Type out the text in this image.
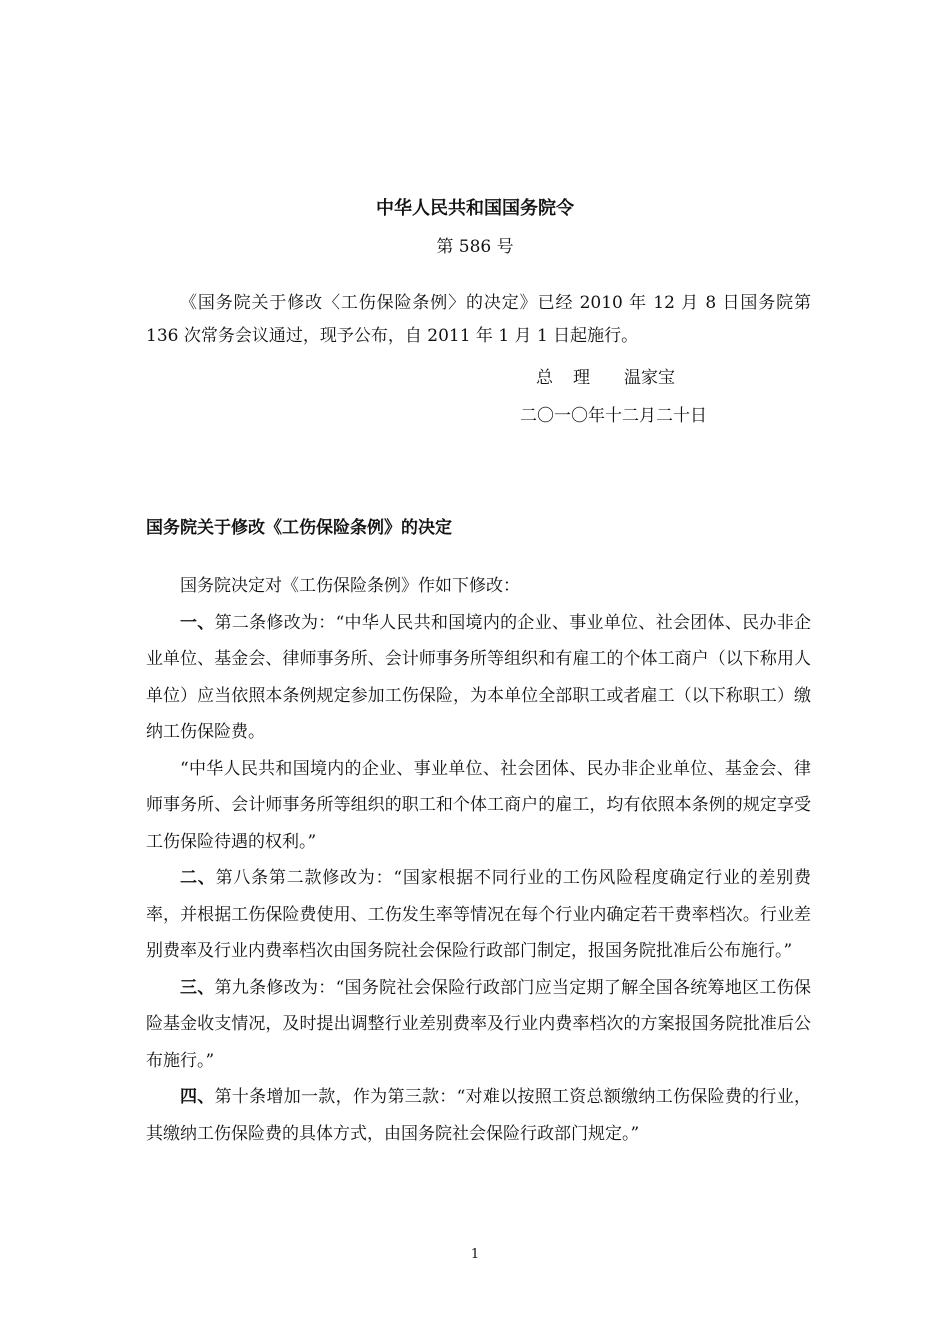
中华人民共和国国务院令
第 586 号

《国务院关于修改〈工伤保险条例〉的决定》已经 2010 年 12 月 8 日国务院第 136 次常务会议通过，现予公布，自 2011 年 1 月 1 日起施行。

总理 温家宝
二〇一〇年十二月二十日
国务院关于修改《工伤保险条例》的决定

国务院决定对《工伤保险条例》作如下修改：

一、第二条修改为：“中华人民共和国境内的企业、事业单位、社会团体、民办非企业单位、基金会、律师事务所、会计师事务所等组织和有雇工的个体工商户（以下称用人单位）应当依照本条例规定参加工伤保险，为本单位全部职工或者雇工（以下称职工）缴纳工伤保险费。

“中华人民共和国境内的企业、事业单位、社会团体、民办非企业单位、基金会、律师事务所、会计师事务所等组织的职工和个体工商户的雇工，均有依照本条例的规定享受工伤保险待遇的权利。”

二、第八条第二款修改为：“国家根据不同行业的工伤风险程度确定行业的差别费率，并根据工伤保险费使用、工伤发生率等情况在每个行业内确定若干费率档次。行业差别费率及行业内费率档次由国务院社会保险行政部门制定，报国务院批准后公布施行。”

三、第九条修改为：“国务院社会保险行政部门应当定期了解全国各统筹地区工伤保险基金收支情况，及时提出调整行业差别费率及行业内费率档次的方案报国务院批准后公布施行。”

四、第十条增加一款，作为第三款：“对难以按照工资总额缴纳工伤保险费的行业，其缴纳工伤保险费的具体方式，由国务院社会保险行政部门规定。”

1
